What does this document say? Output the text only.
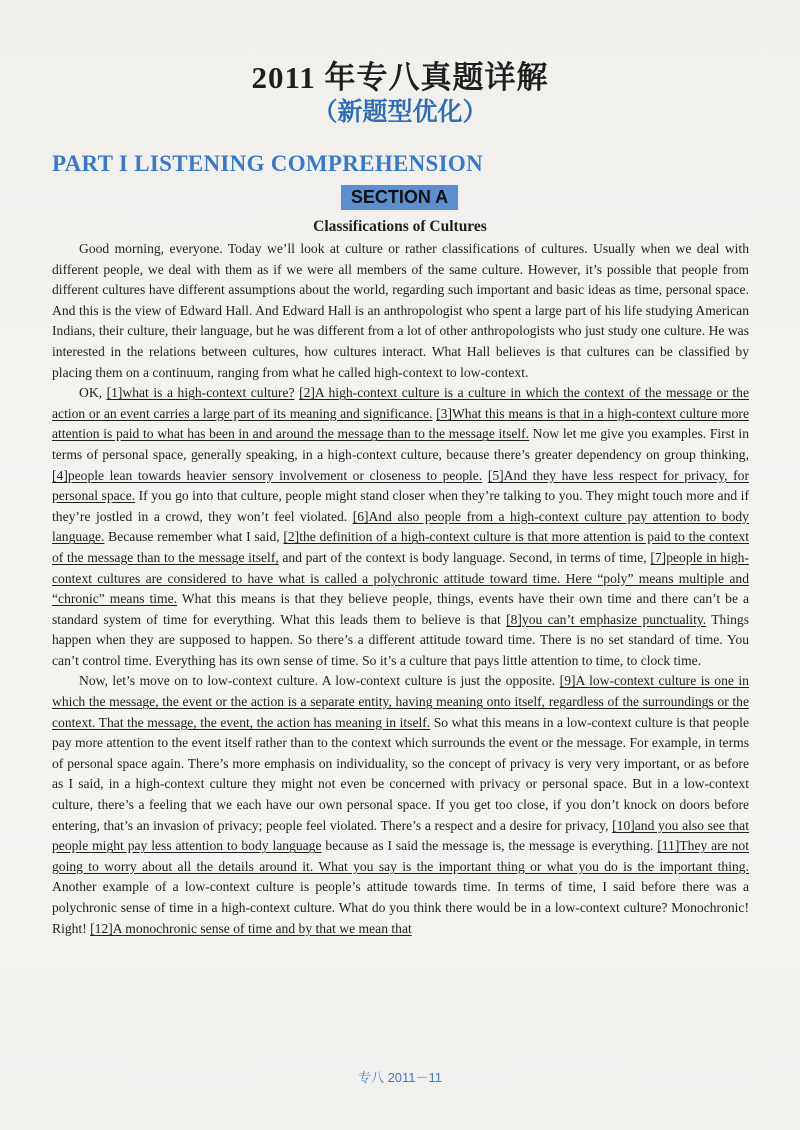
2011 年专八真题详解
（新题型优化）
PART I LISTENING COMPREHENSION
SECTION A
Classifications of Cultures

Good morning, everyone. Today we’ll look at culture or rather classifications of cultures. Usually when we deal with different people, we deal with them as if we were all members of the same culture. However, it’s possible that people from different cultures have different assumptions about the world, regarding such important and basic ideas as time, personal space. And this is the view of Edward Hall. And Edward Hall is an anthropologist who spent a large part of his life studying American Indians, their culture, their language, but he was different from a lot of other anthropologists who just study one culture. He was interested in the relations between cultures, how cultures interact. What Hall believes is that cultures can be classified by placing them on a continuum, ranging from what he called high-context to low-context.

OK, [1]what is a high-context culture? [2]A high-context culture is a culture in which the context of the message or the action or an event carries a large part of its meaning and significance. [3]What this means is that in a high-context culture more attention is paid to what has been in and around the message than to the message itself. Now let me give you examples. First in terms of personal space, generally speaking, in a high-context culture, because there’s greater dependency on group thinking, [4]people lean towards heavier sensory involvement or closeness to people. [5]And they have less respect for privacy, for personal space. If you go into that culture, people might stand closer when they’re talking to you. They might touch more and if they’re jostled in a crowd, they won’t feel violated. [6]And also people from a high-context culture pay attention to body language. Because remember what I said, [2]the definition of a high-context culture is that more attention is paid to the context of the message than to the message itself, and part of the context is body language. Second, in terms of time, [7]people in high-context cultures are considered to have what is called a polychronic attitude toward time. Here “poly” means multiple and “chronic” means time. What this means is that they believe people, things, events have their own time and there can’t be a standard system of time for everything. What this leads them to believe is that [8]you can’t emphasize punctuality. Things happen when they are supposed to happen. So there’s a different attitude toward time. There is no set standard of time. You can’t control time. Everything has its own sense of time. So it’s a culture that pays little attention to time, to clock time.

Now, let’s move on to low-context culture. A low-context culture is just the opposite. [9]A low-context culture is one in which the message, the event or the action is a separate entity, having meaning onto itself, regardless of the surroundings or the context. That the message, the event, the action has meaning in itself. So what this means in a low-context culture is that people pay more attention to the event itself rather than to the context which surrounds the event or the message. For example, in terms of personal space again. There’s more emphasis on individuality, so the concept of privacy is very very important, or as before as I said, in a high-context culture they might not even be concerned with privacy or personal space. But in a low-context culture, there’s a feeling that we each have our own personal space. If you get too close, if you don’t knock on doors before entering, that’s an invasion of privacy; people feel violated. There’s a respect and a desire for privacy, [10]and you also see that people might pay less attention to body language because as I said the message is, the message is everything. [11]They are not going to worry about all the details around it. What you say is the important thing or what you do is the important thing. Another example of a low-context culture is people’s attitude towards time. In terms of time, I said before there was a polychronic sense of time in a high-context culture. What do you think there would be in a low-context culture? Monochronic! Right! [12]A monochronic sense of time and by that we mean that

专八 2011－11
